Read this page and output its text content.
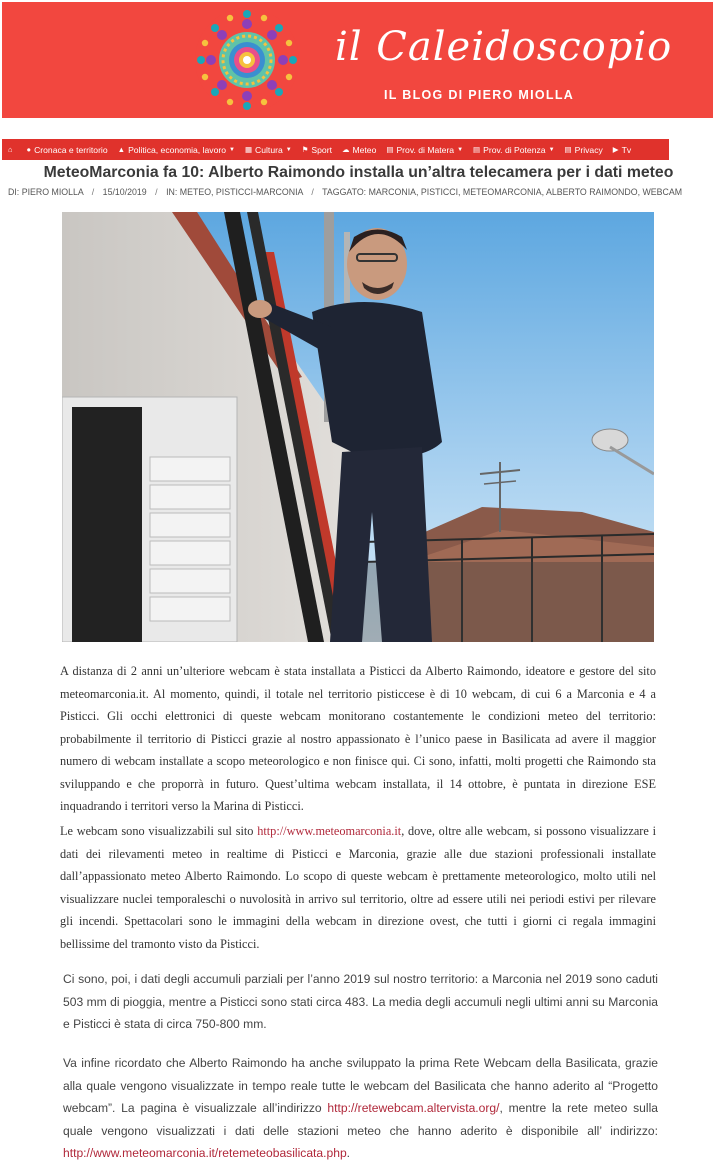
il Caleidoscopio
IL BLOG DI PIERO MIOLLA
⌂ ● Cronaca e territorio ▲ Politica, economia, lavoro ▼ ▦ Cultura ▼ ⚑ Sport ☁ Meteo ▤ Prov. di Matera ▼ ▤ Prov. di Potenza ▼ ▤ Privacy ▶ Tv
MeteoMarconia fa 10: Alberto Raimondo installa un’altra telecamera per i dati meteo
DI: PIERO MIOLLA / 15/10/2019 / IN: METEO, PISTICCI-MARCONIA / TAGGATO: MARCONIA, PISTICCI, METEOMARCONIA, ALBERTO RAIMONDO, WEBCAM

A distanza di 2 anni un’ulteriore webcam è stata installata a Pisticci da Alberto Raimondo, ideatore e gestore del sito meteomarconia.it. Al momento, quindi, il totale nel territorio pisticcese è di 10 webcam, di cui 6 a Marconia e 4 a Pisticci. Gli occhi elettronici di queste webcam monitorano costantemente le condizioni meteo del territorio: probabilmente il territorio di Pisticci grazie al nostro appassionato è l’unico paese in Basilicata ad avere il maggior numero di webcam installate a scopo meteorologico e non finisce qui. Ci sono, infatti, molti progetti che Raimondo sta sviluppando e che proporrà in futuro. Quest’ultima webcam installata, il 14 ottobre, è puntata in direzione ESE inquadrando i territori verso la Marina di Pisticci.

Le webcam sono visualizzabili sul sito http://www.meteomarconia.it, dove, oltre alle webcam, si possono visualizzare i dati dei rilevamenti meteo in realtime di Pisticci e Marconia, grazie alle due stazioni professionali installate dall’appassionato meteo Alberto Raimondo. Lo scopo di queste webcam è prettamente meteorologico, molto utili nel visualizzare nuclei temporaleschi o nuvolosità in arrivo sul territorio, oltre ad essere utili nei periodi estivi per rilevare gli incendi. Spettacolari sono le immagini della webcam in direzione ovest, che tutti i giorni ci regala immagini bellissime del tramonto visto da Pisticci.

Ci sono, poi, i dati degli accumuli parziali per l’anno 2019 sul nostro territorio: a Marconia nel 2019 sono caduti 503 mm di pioggia, mentre a Pisticci sono stati circa 483. La media degli accumuli negli ultimi anni su Marconia e Pisticci è stata di circa 750-800 mm.

Va infine ricordato che Alberto Raimondo ha anche sviluppato la prima Rete Webcam della Basilicata, grazie alla quale vengono visualizzate in tempo reale tutte le webcam del Basilicata che hanno aderito al “Progetto webcam”. La pagina è visualizzale all’indirizzo http://retewebcam.altervista.org/, mentre la rete meteo sulla quale vengono visualizzati i dati delle stazioni meteo che hanno aderito è disponibile all’ indirizzo: http://www.meteomarconia.it/retemeteobasilicata.php.
